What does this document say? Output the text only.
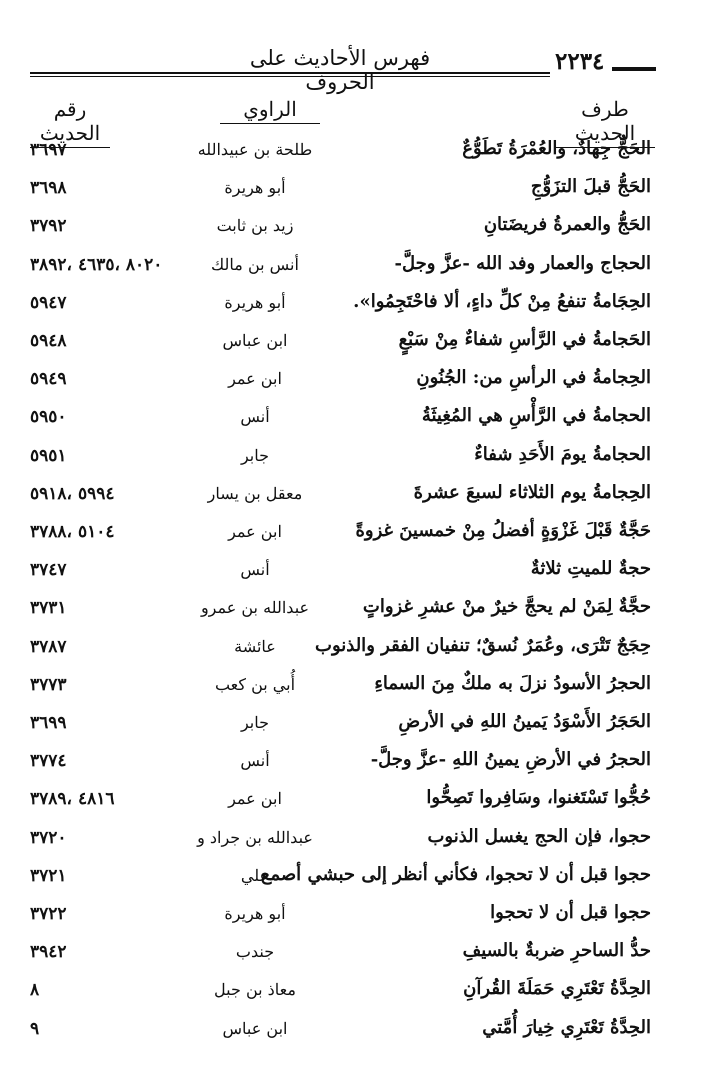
٢٢٣٤
فهرس الأحاديث على الحروف
طرف الحديث
الراوي
رقم الحديث
الحَجُّ جِهادٌ، والعُمْرَةُ تَطَوُّعٌ
طلحة بن عبيدالله
٣٦٩٧
الحَجُّ قبلَ التزَوُّجِ
أبو هريرة
٣٦٩٨
الحَجُّ والعمرةُ فريضَتانِ
زيد بن ثابت
٣٧٩٢
الحجاج والعمار وفد الله -عزَّ وجلَّ-
أنس بن مالك
٨٠٢٠ ،٤٦٣٥ ،٣٨٩٢
الحِجَامةُ تنفعُ مِنْ كلِّ داءٍ، ألا فاحْتَجِمُوا».
أبو هريرة
٥٩٤٧
الحَجامةُ في الرَّأسِ شفاءٌ مِنْ سَبْعٍ
ابن عباس
٥٩٤٨
الحِجامةُ في الرأسِ من: الجُنُونِ
ابن عمر
٥٩٤٩
الحجامةُ في الرَّأْسِ هي المُغِيثَةُ
أنس
٥٩٥٠
الحجامةُ يومَ الأَحَدِ شفاءٌ
جابر
٥٩٥١
الحِجامةُ يوم الثلاثاء لسبعَ عشرةَ
معقل بن يسار
٥٩٩٤ ،٥٩١٨
حَجَّةٌ قَبْلَ غَزْوَةٍ أفضلُ مِنْ خمسينَ غزوةً
ابن عمر
٥١٠٤ ،٣٧٨٨
حجةٌ للميتِ ثلاثةٌ
أنس
٣٧٤٧
حجَّةٌ لِمَنْ لم يحجَّ خيرٌ منْ عشرِ غزواتٍ
عبدالله بن عمرو
٣٧٣١
حِجَجٌ تَتْرَى، وعُمَرٌ نُسقٌ؛ تنفيان الفقر والذنوب
عائشة
٣٧٨٧
الحجرُ الأسودُ نزلَ به ملكٌ مِنَ السماءِ
أُبي بن كعب
٣٧٧٣
الحَجَرُ الأَسْوَدُ يَمينُ اللهِ في الأرضِ
جابر
٣٦٩٩
الحجرُ في الأرضِ يمينُ اللهِ -عزَّ وجلَّ-
أنس
٣٧٧٤
حُجُّوا تَسْتَغنوا، وسَافِروا تَصِحُّوا
ابن عمر
٤٨١٦ ،٣٧٨٩
حجوا، فإن الحج يغسل الذنوب
عبدالله بن جراد و
٣٧٢٠
حجوا قبل أن لا تحجوا، فكأني أنظر إلى حبشي أصمع
علي
٣٧٢١
حجوا قبل أن لا تحجوا
أبو هريرة
٣٧٢٢
حدُّ الساحرِ ضربةٌ بالسيفِ
جندب
٣٩٤٢
الحِدَّةُ تَعْتَرِي حَمَلَةَ القُرآنِ
معاذ بن جبل
٨
الحِدَّةُ تَعْتَرِي خِيارَ أُمَّتي
ابن عباس
٩
